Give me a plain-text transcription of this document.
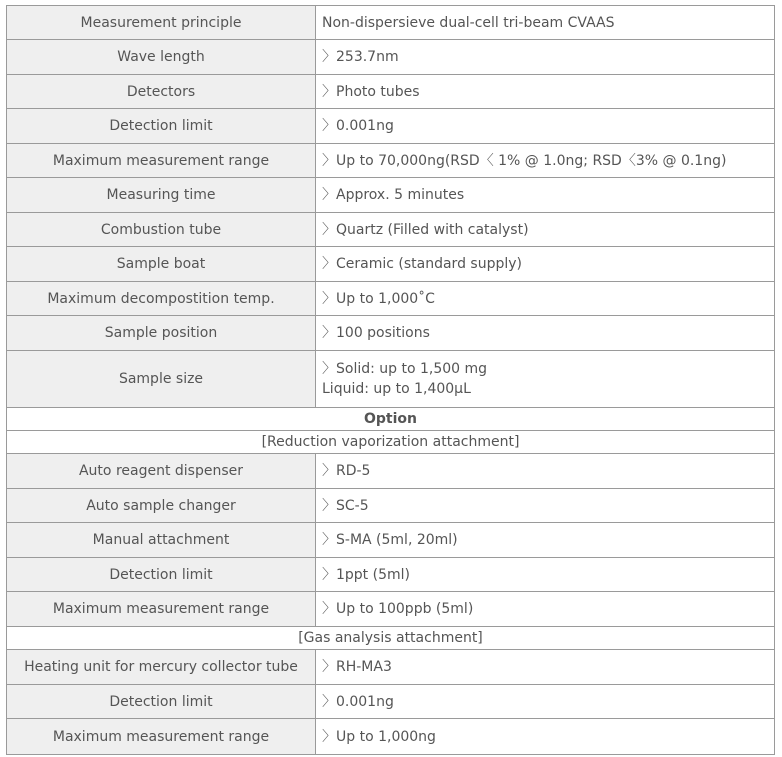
Measurement principle	Non-dispersieve dual-cell tri-beam CVAAS
Wave length	〉253.7nm
Detectors	〉Photo tubes
Detection limit	〉0.001ng
Maximum measurement range	〉Up to 70,000ng(RSD〈 1% @ 1.0ng; RSD〈3% @ 0.1ng)
Measuring time	〉Approx. 5 minutes
Combustion tube	〉Quartz (Filled with catalyst)
Sample boat	〉Ceramic (standard supply)
Maximum decompostition temp.	〉Up to 1,000˚C
Sample position	〉100 positions
Sample size	〉Solid: up to 1,500 mg
Liquid: up to 1,400μL

Option	
[Reduction vaporization attachment]	
Auto reagent dispenser	〉RD-5
Auto sample changer	〉SC-5
Manual attachment	〉S-MA (5ml, 20ml)
Detection limit	〉1ppt (5ml)
Maximum measurement range	〉Up to 100ppb (5ml)
[Gas analysis attachment]	
Heating unit for mercury collector tube	〉RH-MA3
Detection limit	〉0.001ng
Maximum measurement range	〉Up to 1,000ng
